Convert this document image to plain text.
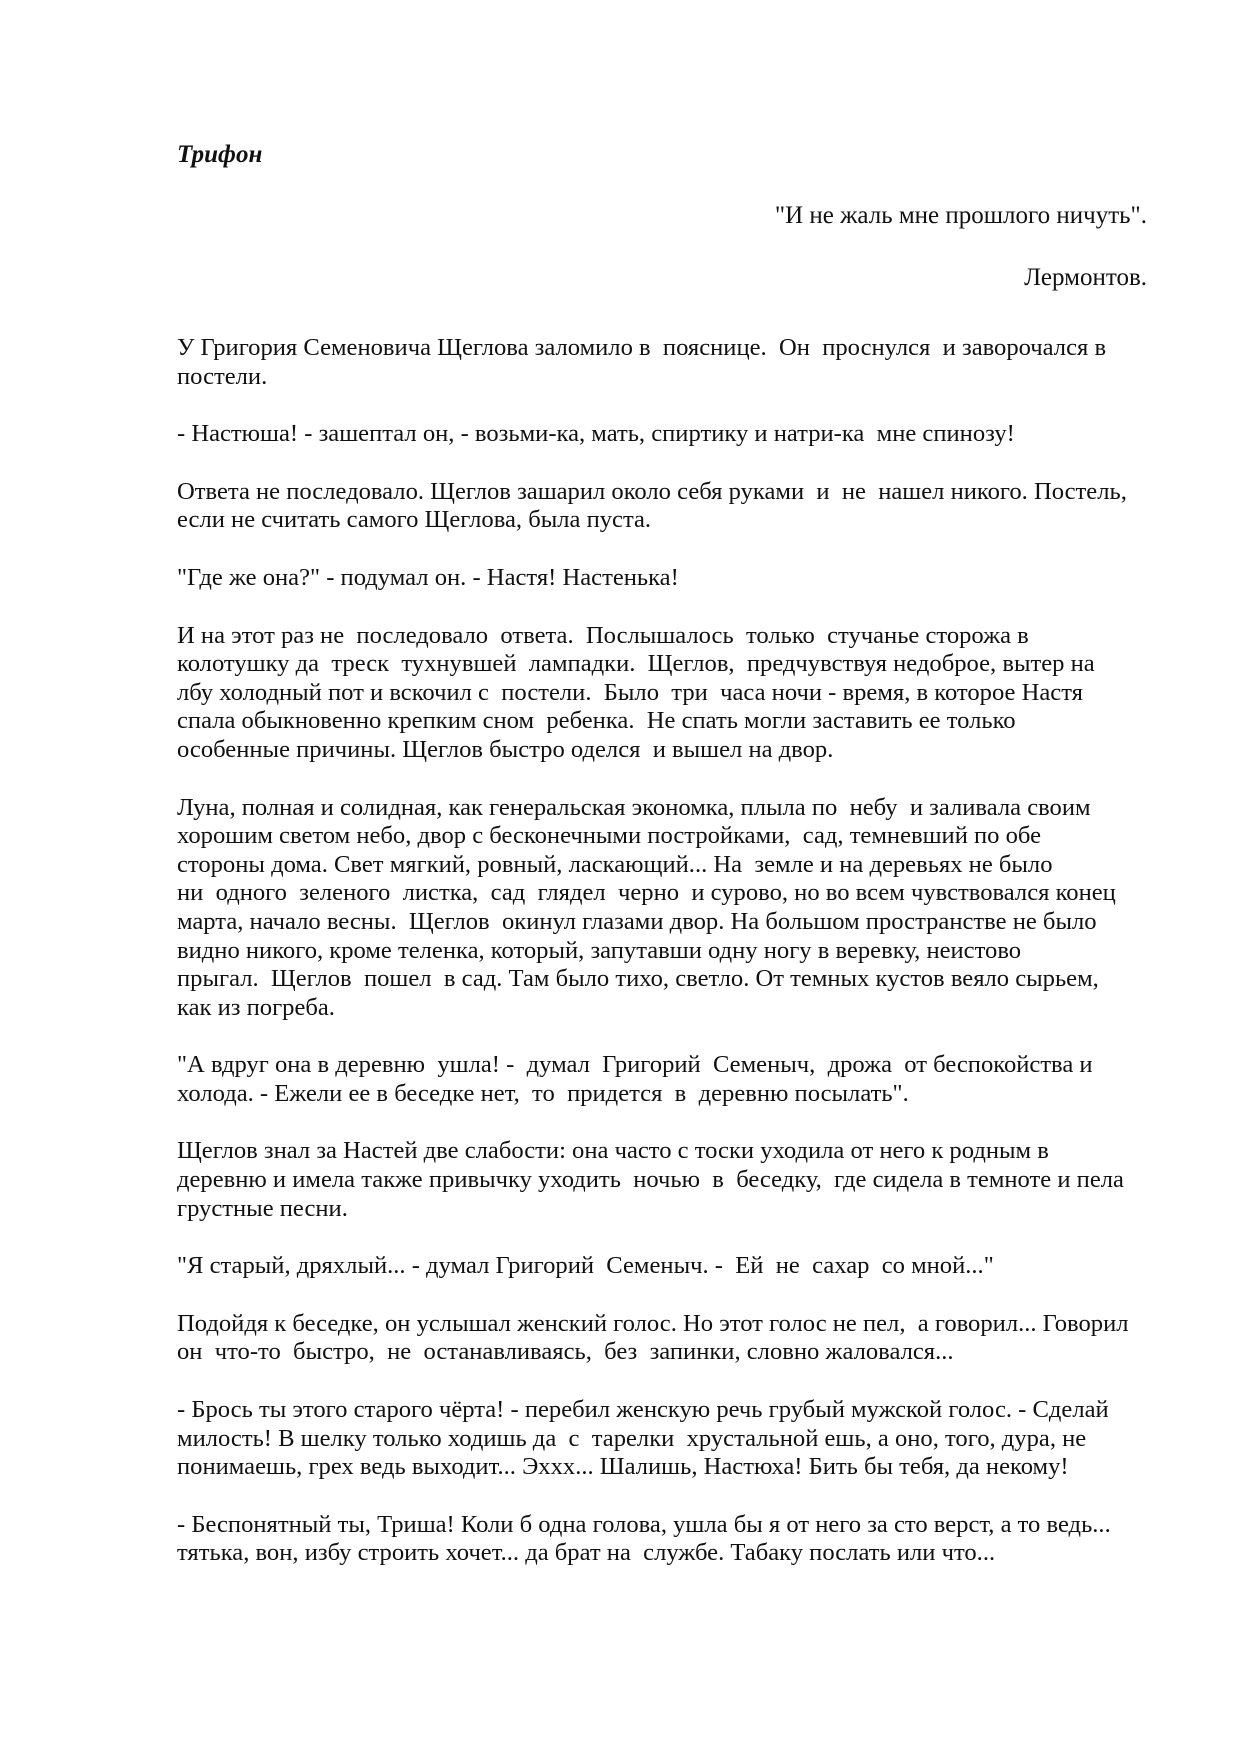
Трифон
"И не жаль мне прошлого ничуть".
Лермонтов.

У Григория Семеновича Щеглова заломило в  пояснице.  Он  проснулся  и заворочался в
постели.

- Настюша! - зашептал он, - возьми-ка, мать, спиртику и натри-ка  мне спинозу!

Ответа не последовало. Щеглов зашарил около себя руками  и  не  нашел никого. Постель,
если не считать самого Щеглова, была пуста.

"Где же она?" - подумал он. - Настя! Настенька!

И на этот раз не  последовало  ответа.  Послышалось  только  стучанье сторожа в
колотушку да  треск  тухнувшей  лампадки.  Щеглов,  предчувствуя недоброе, вытер на
лбу холодный пот и вскочил с  постели.  Было  три  часа ночи - время, в которое Настя
спала обыкновенно крепким сном  ребенка.  Не спать могли заставить ее только
особенные причины. Щеглов быстро оделся  и вышел на двор.

Луна, полная и солидная, как генеральская экономка, плыла по  небу  и заливала своим
хорошим светом небо, двор с бесконечными постройками,  сад, темневший по обе
стороны дома. Свет мягкий, ровный, ласкающий... На  земле и на деревьях не было
ни  одного  зеленого  листка,  сад  глядел  черно  и сурово, но во всем чувствовался конец
марта, начало весны.  Щеглов  окинул глазами двор. На большом пространстве не было
видно никого, кроме теленка, который, запутавши одну ногу в веревку, неистово
прыгал.  Щеглов  пошел  в сад. Там было тихо, светло. От темных кустов веяло сырьем,
как из погреба.

"А вдруг она в деревню  ушла! -  думал  Григорий  Семеныч,  дрожа  от беспокойства и
холода. - Ежели ее в беседке нет,  то  придется  в  деревню посылать".

Щеглов знал за Настей две слабости: она часто с тоски уходила от него к родным в
деревню и имела также привычку уходить  ночью  в  беседку,  где сидела в темноте и пела
грустные песни.

"Я старый, дряхлый... - думал Григорий  Семеныч. -  Ей  не  сахар  со мной..."

Подойдя к беседке, он услышал женский голос. Но этот голос не пел,  а говорил... Говорил
он  что-то  быстро,  не  останавливаясь,  без  запинки, словно жаловался...

- Брось ты этого старого чёрта! - перебил женскую речь грубый мужской голос. - Сделай
милость! В шелку только ходишь да  с  тарелки  хрустальной ешь, а оно, того, дура, не
понимаешь, грех ведь выходит... Эххх... Шалишь, Настюха! Бить бы тебя, да некому!

- Беспонятный ты, Триша! Коли б одна голова, ушла бы я от него за сто верст, а то ведь...
тятька, вон, избу строить хочет... да брат на  службе. Табаку послать или что...
